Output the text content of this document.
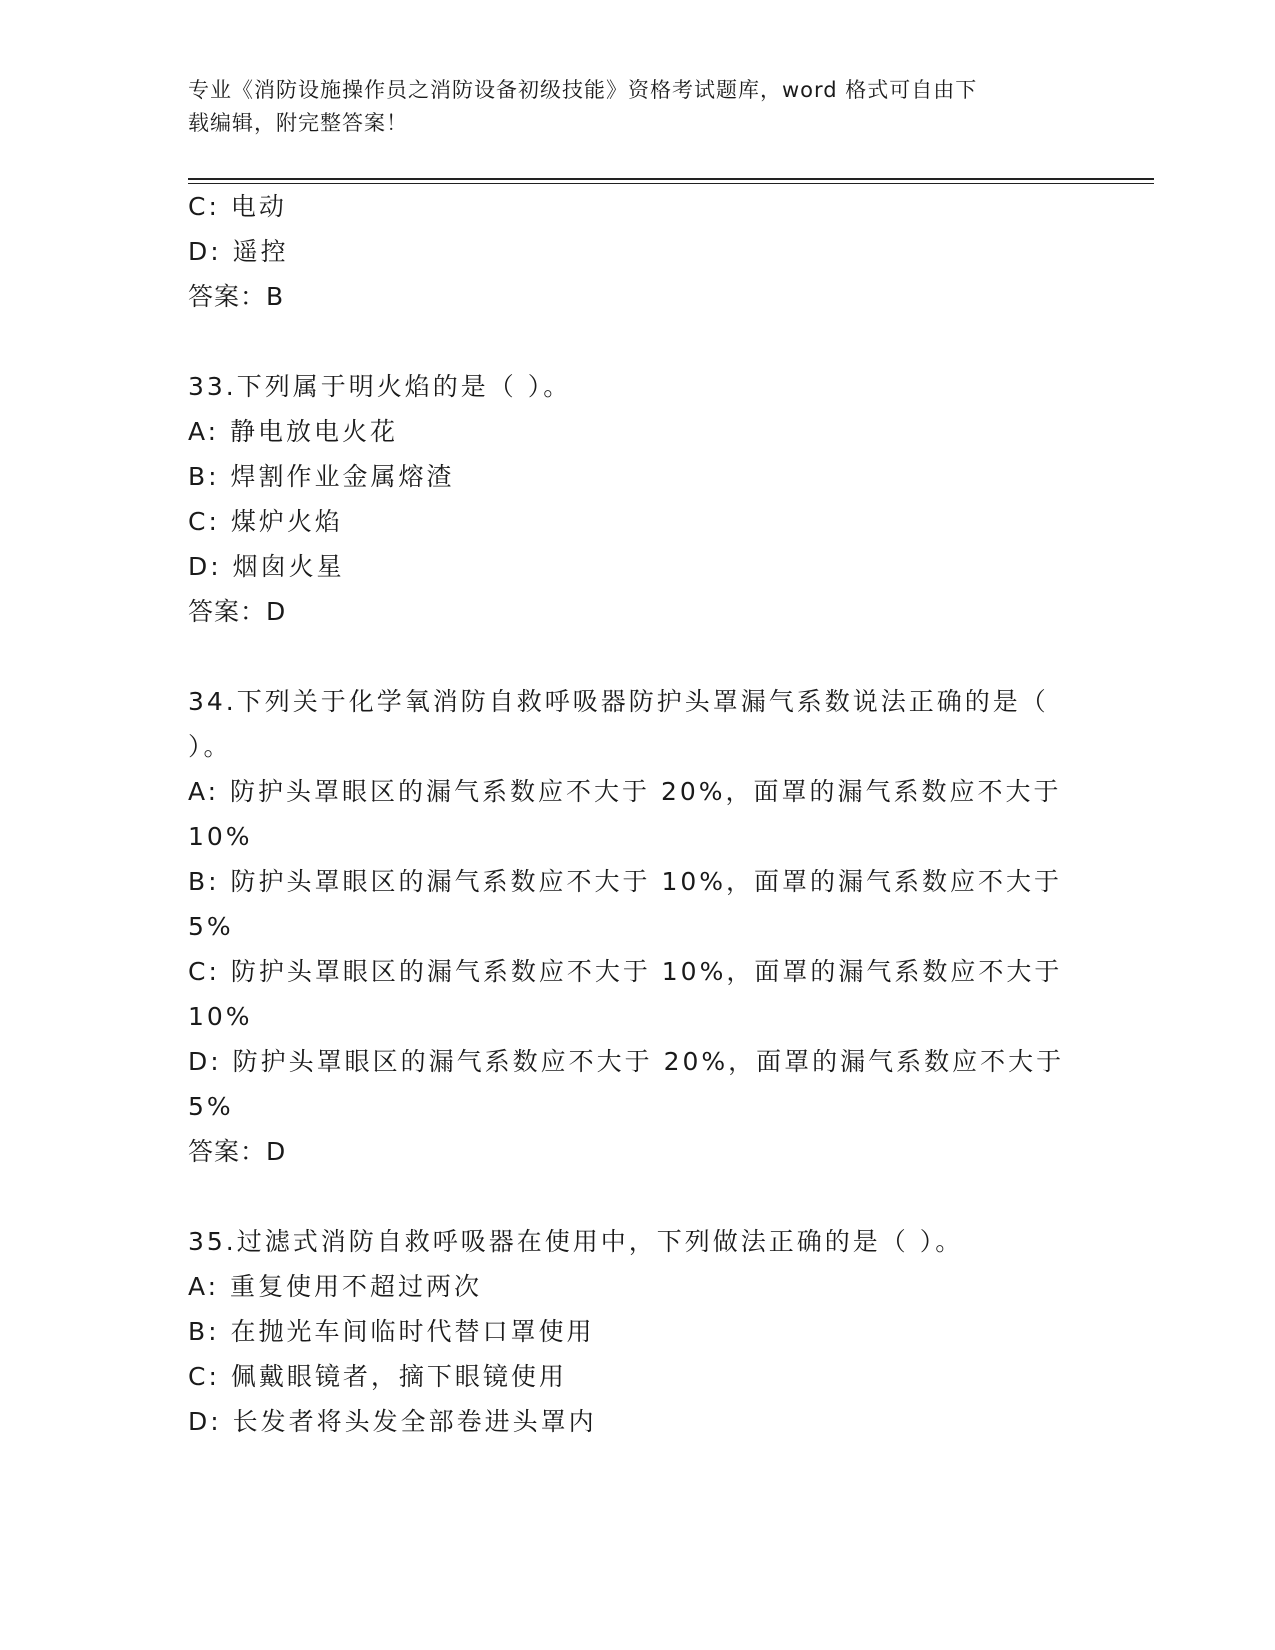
专业《消防设施操作员之消防设备初级技能》资格考试题库，word 格式可自由下
载编辑，附完整答案！
C: 电动
D: 遥控
答案：B
33.下列属于明火焰的是（ ）。
A: 静电放电火花
B: 焊割作业金属熔渣
C: 煤炉火焰
D: 烟囱火星
答案：D
34.下列关于化学氧消防自救呼吸器防护头罩漏气系数说法正确的是（
）。
A: 防护头罩眼区的漏气系数应不大于 20%，面罩的漏气系数应不大于
10%
B: 防护头罩眼区的漏气系数应不大于 10%，面罩的漏气系数应不大于
5%
C: 防护头罩眼区的漏气系数应不大于 10%，面罩的漏气系数应不大于
10%
D: 防护头罩眼区的漏气系数应不大于 20%，面罩的漏气系数应不大于
5%
答案：D
35.过滤式消防自救呼吸器在使用中，下列做法正确的是（ ）。
A: 重复使用不超过两次
B: 在抛光车间临时代替口罩使用
C: 佩戴眼镜者，摘下眼镜使用
D: 长发者将头发全部卷进头罩内
